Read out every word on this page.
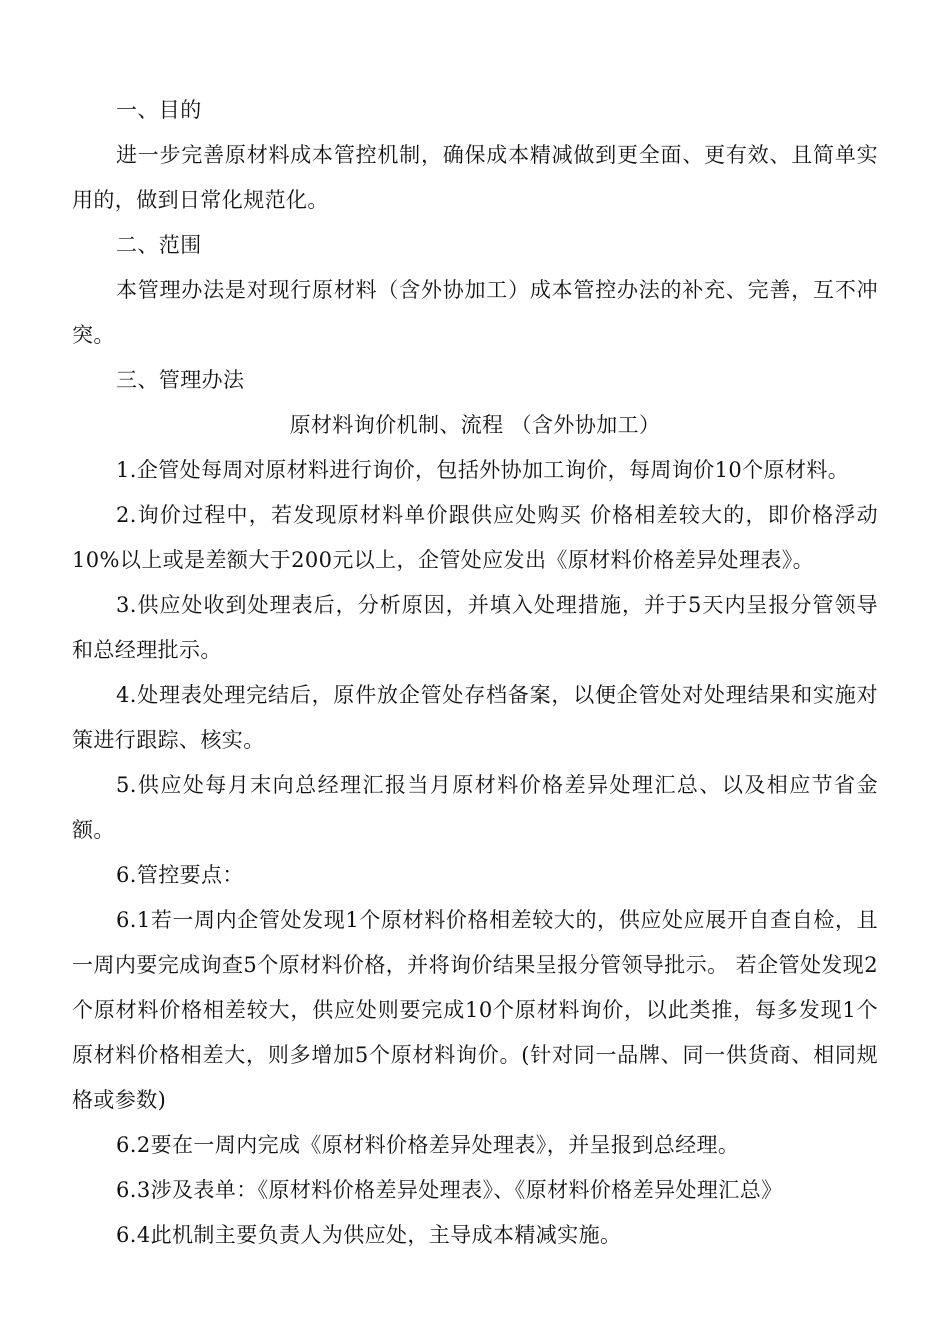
一、目的

进一步完善原材料成本管控机制，确保成本精减做到更全面、更有效、且简单实用的，做到日常化规范化。

二、范围

本管理办法是对现行原材料（含外协加工）成本管控办法的补充、完善，互不冲突。

三、管理办法

原材料询价机制、流程 （含外协加工）

1.企管处每周对原材料进行询价，包括外协加工询价，每周询价10个原材料。

2.询价过程中，若发现原材料单价跟供应处购买 价格相差较大的，即价格浮动10%以上或是差额大于200元以上，企管处应发出《原材料价格差异处理表》。

3.供应处收到处理表后，分析原因，并填入处理措施，并于5天内呈报分管领导和总经理批示。

4.处理表处理完结后，原件放企管处存档备案，以便企管处对处理结果和实施对策进行跟踪、核实。

5.供应处每月末向总经理汇报当月原材料价格差异处理汇总、以及相应节省金额。

6.管控要点：

6.1若一周内企管处发现1个原材料价格相差较大的，供应处应展开自查自检，且一周内要完成询查5个原材料价格，并将询价结果呈报分管领导批示。 若企管处发现2个原材料价格相差较大，供应处则要完成10个原材料询价，以此类推，每多发现1个原材料价格相差大，则多增加5个原材料询价。(针对同一品牌、同一供货商、相同规格或参数)

6.2要在一周内完成《原材料价格差异处理表》，并呈报到总经理。

6.3涉及表单：《原材料价格差异处理表》、《原材料价格差异处理汇总》

6.4此机制主要负责人为供应处，主导成本精减实施。
